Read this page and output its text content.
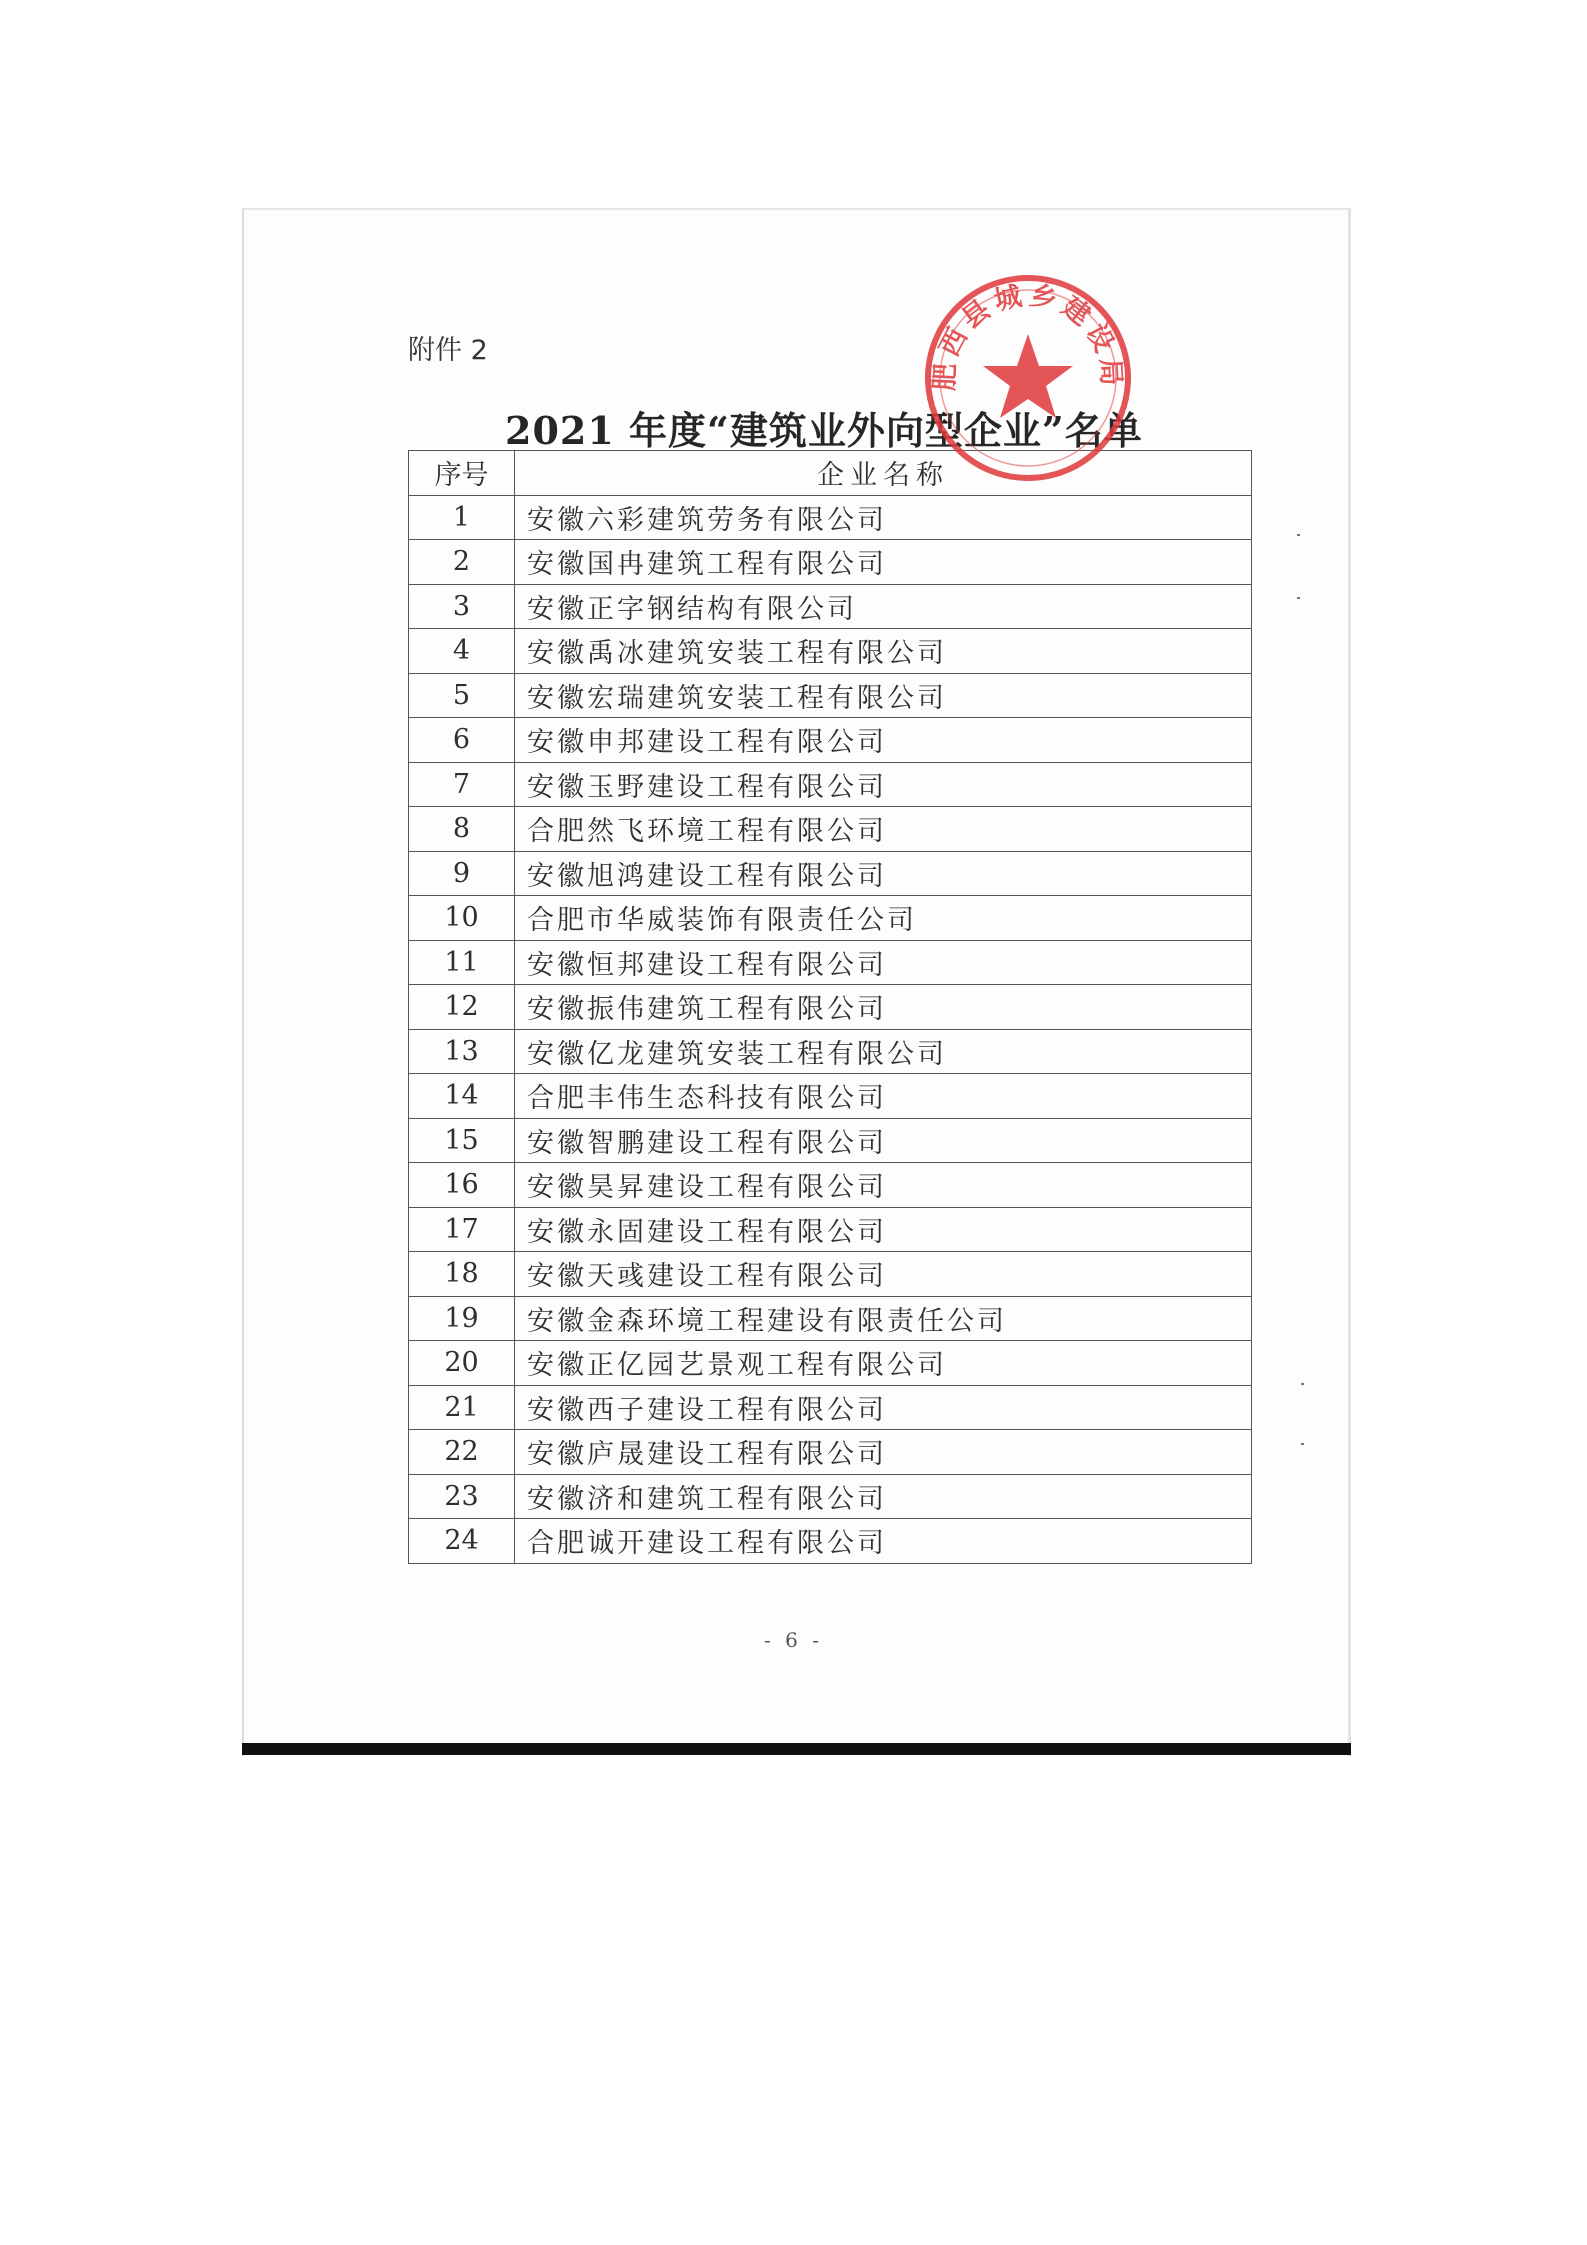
附件 2
2021 年度“建筑业外向型企业”名单
序号	企业名称
1	安徽六彩建筑劳务有限公司
2	安徽国冉建筑工程有限公司
3	安徽正字钢结构有限公司
4	安徽禹冰建筑安装工程有限公司
5	安徽宏瑞建筑安装工程有限公司
6	安徽申邦建设工程有限公司
7	安徽玉野建设工程有限公司
8	合肥然飞环境工程有限公司
9	安徽旭鸿建设工程有限公司
10	合肥市华威装饰有限责任公司
11	安徽恒邦建设工程有限公司
12	安徽振伟建筑工程有限公司
13	安徽亿龙建筑安装工程有限公司
14	合肥丰伟生态科技有限公司
15	安徽智鹏建设工程有限公司
16	安徽昊昇建设工程有限公司
17	安徽永固建设工程有限公司
18	安徽天彧建设工程有限公司
19	安徽金森环境工程建设有限责任公司
20	安徽正亿园艺景观工程有限公司
21	安徽西子建设工程有限公司
22	安徽庐晟建设工程有限公司
23	安徽济和建筑工程有限公司
24	合肥诚开建设工程有限公司
肥西县城乡建设局
- 6 -
